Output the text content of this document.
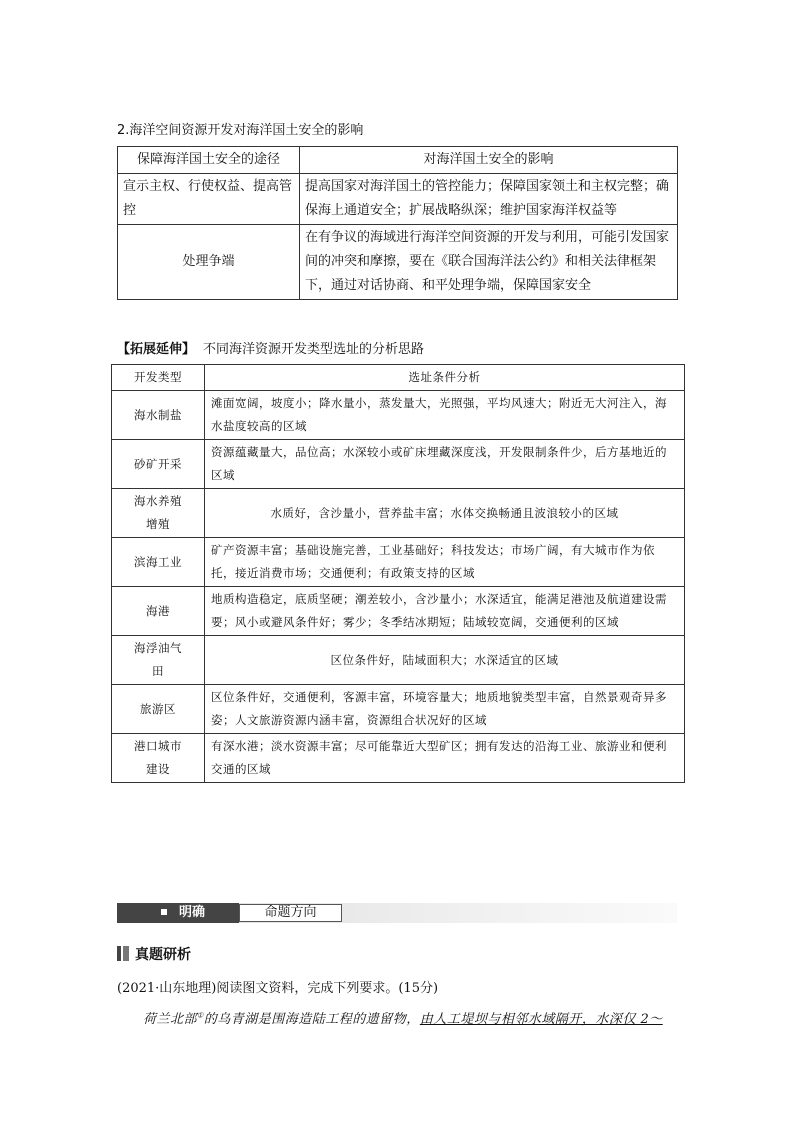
2.海洋空间资源开发对海洋国土安全的影响
保障海洋国土安全的途径	对海洋国土安全的影响
宣示主权、行使权益、提高管控	提高国家对海洋国土的管控能力；保障国家领土和主权完整；确保海上通道安全；扩展战略纵深；维护国家海洋权益等
处理争端	在有争议的海域进行海洋空间资源的开发与利用，可能引发国家间的冲突和摩擦，要在《联合国海洋法公约》和相关法律框架下，通过对话协商、和平处理争端，保障国家安全
【拓展延伸】 不同海洋资源开发类型选址的分析思路
开发类型	选址条件分析
海水制盐	滩面宽阔，坡度小；降水量小，蒸发量大，光照强，平均风速大；附近无大河注入，海水盐度较高的区域
砂矿开采	资源蕴藏量大，品位高；水深较小或矿床埋藏深度浅，开发限制条件少，后方基地近的区域
海水养殖增殖	水质好，含沙量小，营养盐丰富；水体交换畅通且波浪较小的区域
滨海工业	矿产资源丰富；基础设施完善，工业基础好；科技发达；市场广阔，有大城市作为依托，接近消费市场；交通便利；有政策支持的区域
海港	地质构造稳定，底质坚硬；潮差较小，含沙量小；水深适宜，能满足港池及航道建设需要；风小或避风条件好；雾少；冬季结冰期短；陆域较宽阔，交通便利的区域
海浮油气田	区位条件好，陆域面积大；水深适宜的区域
旅游区	区位条件好，交通便利，客源丰富，环境容量大；地质地貌类型丰富，自然景观奇异多姿；人文旅游资源内涵丰富，资源组合状况好的区域
港口城市建设	有深水港；淡水资源丰富；尽可能靠近大型矿区；拥有发达的沿海工业、旅游业和便利交通的区域
明确	命题方向
真题研析
(2021·山东地理)阅读图文资料，完成下列要求。(15分)
荷兰北部①的乌青湖是围海造陆工程的遗留物，由人工堤坝与相邻水域隔开，水深仅 2～
